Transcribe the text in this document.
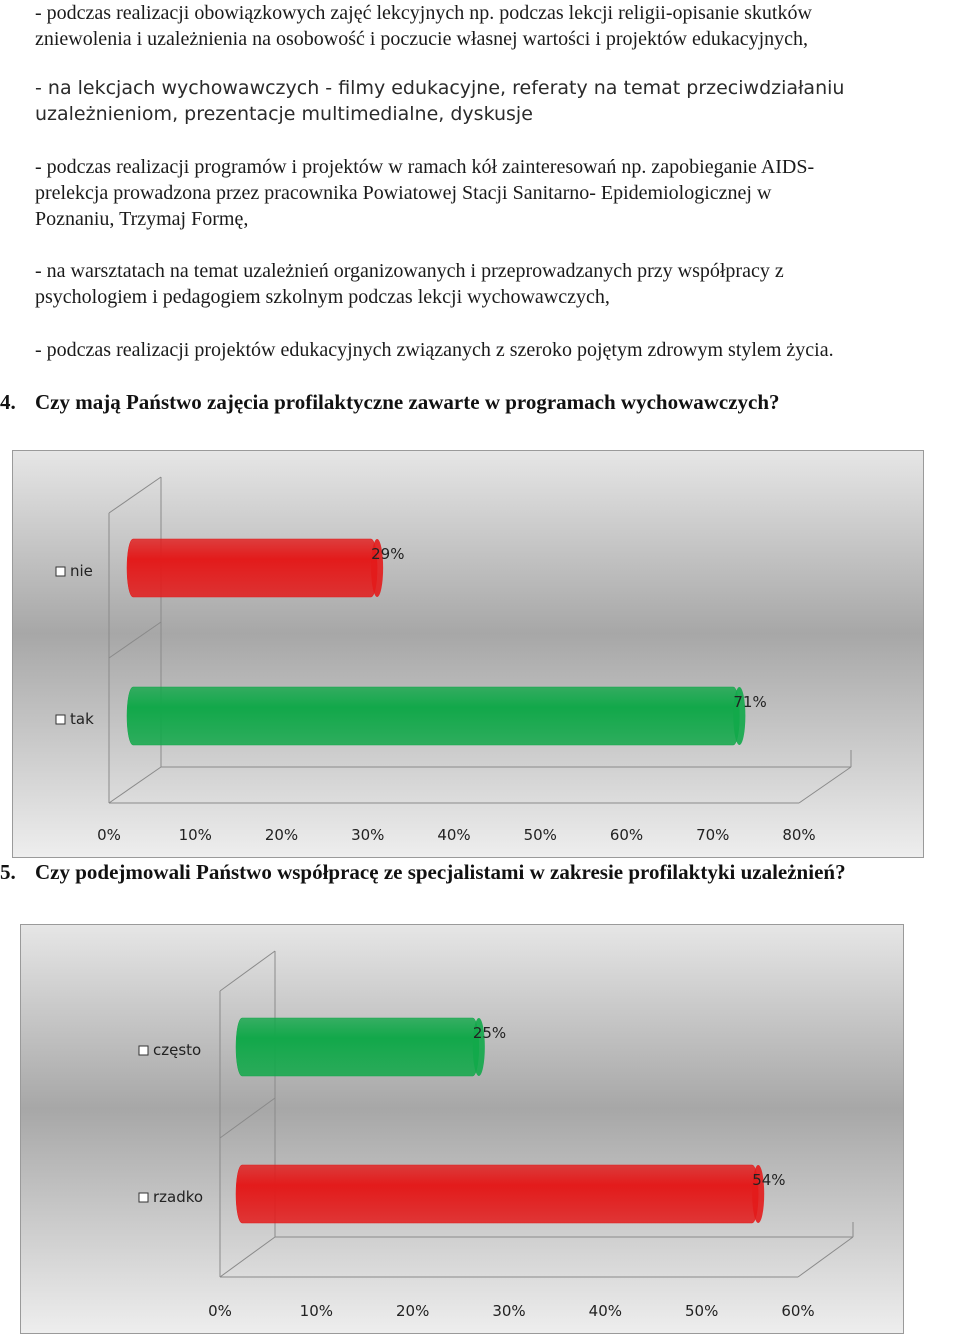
- podczas realizacji obowiązkowych zajęć lekcyjnych np. podczas lekcji religii-opisanie skutków
zniewolenia i uzależnienia na osobowość i poczucie własnej wartości i projektów edukacyjnych,

- na lekcjach wychowawczych - filmy edukacyjne, referaty na temat przeciwdziałaniu
uzależnieniom, prezentacje multimedialne, dyskusje

- podczas realizacji programów i projektów w ramach kół zainteresowań np. zapobieganie AIDS-
prelekcja prowadzona przez pracownika Powiatowej Stacji Sanitarno- Epidemiologicznej w
Poznaniu, Trzymaj Formę,

- na warsztatach na temat uzależnień organizowanych i przeprowadzanych przy współpracy z
psychologiem i pedagogiem szkolnym podczas lekcji wychowawczych,

- podczas realizacji projektów edukacyjnych związanych z szeroko pojętym zdrowym stylem życia.

4. Czy mają Państwo zajęcia profilaktyczne zawarte w programach wychowawczych?

5. Czy podejmowali Państwo współpracę ze specjalistami w zakresie profilaktyki uzależnień?

0%	10%	20%	30%	40%	50%	60%	70%	80%
29%
nie
71%
tak
0%	10%	20%	30%	40%	50%	60%
25%
często
54%
rzadko
